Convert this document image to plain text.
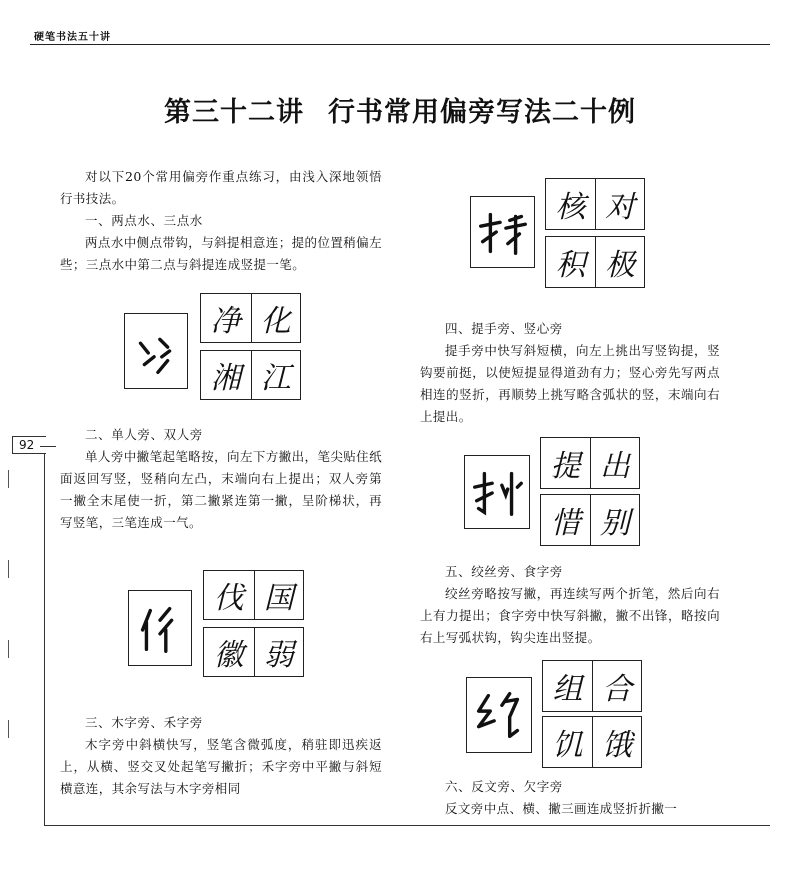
硬笔书法五十讲
92
第三十二讲 行书常用偏旁写法二十例

对以下20个常用偏旁作重点练习，由浅入深地领悟行书技法。

一、两点水、三点水

两点水中侧点带钩，与斜提相意连；提的位置稍偏左些；三点水中第二点与斜提连成竖提一笔。

净 化
湘 江

二、单人旁、双人旁

单人旁中撇笔起笔略按，向左下方撇出，笔尖贴住纸面返回写竖，竖稍向左凸，末端向右上提出；双人旁第一撇全末尾使一折，第二撇紧连第一撇，呈阶梯状，再写竖笔，三笔连成一气。

伐 国
徽 弱

三、木字旁、禾字旁

木字旁中斜横快写，竖笔含微弧度，稍驻即迅疾返上，从横、竖交叉处起笔写撇折；禾字旁中平撇与斜短横意连，其余写法与木字旁相同

核 对
积 极

四、提手旁、竖心旁

提手旁中快写斜短横，向左上挑出写竖钩提，竖钩要前挺，以使短提显得道劲有力；竖心旁先写两点相连的竖折，再顺势上挑写略含弧状的竖，末端向右上提出。

提 出
惜 别

五、绞丝旁、食字旁

绞丝旁略按写撇，再连续写两个折笔，然后向右上有力提出；食字旁中快写斜撇，撇不出锋，略按向右上写弧状钩，钩尖连出竖提。

组 合
饥 饿

六、反文旁、欠字旁

反文旁中点、横、撇三画连成竖折折撇一
